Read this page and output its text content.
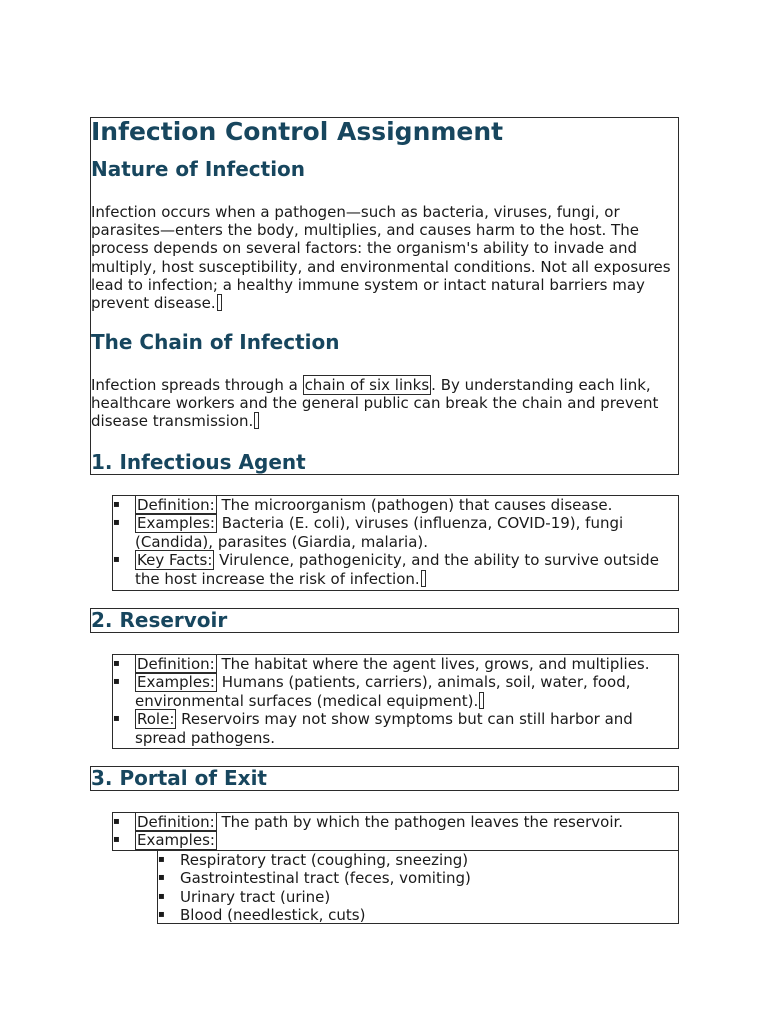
Infection Control Assignment
Nature of Infection
Infection occurs when a pathogen—such as bacteria, viruses, fungi, or
parasites—enters the body, multiplies, and causes harm to the host. The
process depends on several factors: the organism's ability to invade and
multiply, host susceptibility, and environmental conditions. Not all exposures
lead to infection; a healthy immune system or intact natural barriers may
prevent disease.
The Chain of Infection
Infection spreads through a chain of six links . By understanding each link,
healthcare workers and the general public can break the chain and prevent
disease transmission.
1. Infectious Agent
▪ Definition: The microorganism (pathogen) that causes disease.
▪ Examples: Bacteria (E. coli), viruses (influenza, COVID-19), fungi
(Candida), parasites (Giardia, malaria).
▪ Key Facts: Virulence, pathogenicity, and the ability to survive outside
the host increase the risk of infection.
2. Reservoir
▪ Definition: The habitat where the agent lives, grows, and multiplies.
▪ Examples: Humans (patients, carriers), animals, soil, water, food,
environmental surfaces (medical equipment).
▪ Role: Reservoirs may not show symptoms but can still harbor and
spread pathogens.
3. Portal of Exit
▪ Definition: The path by which the pathogen leaves the reservoir.
▪ Examples:
▪ Respiratory tract (coughing, sneezing)
▪ Gastrointestinal tract (feces, vomiting)
▪ Urinary tract (urine)
▪ Blood (needlestick, cuts)
